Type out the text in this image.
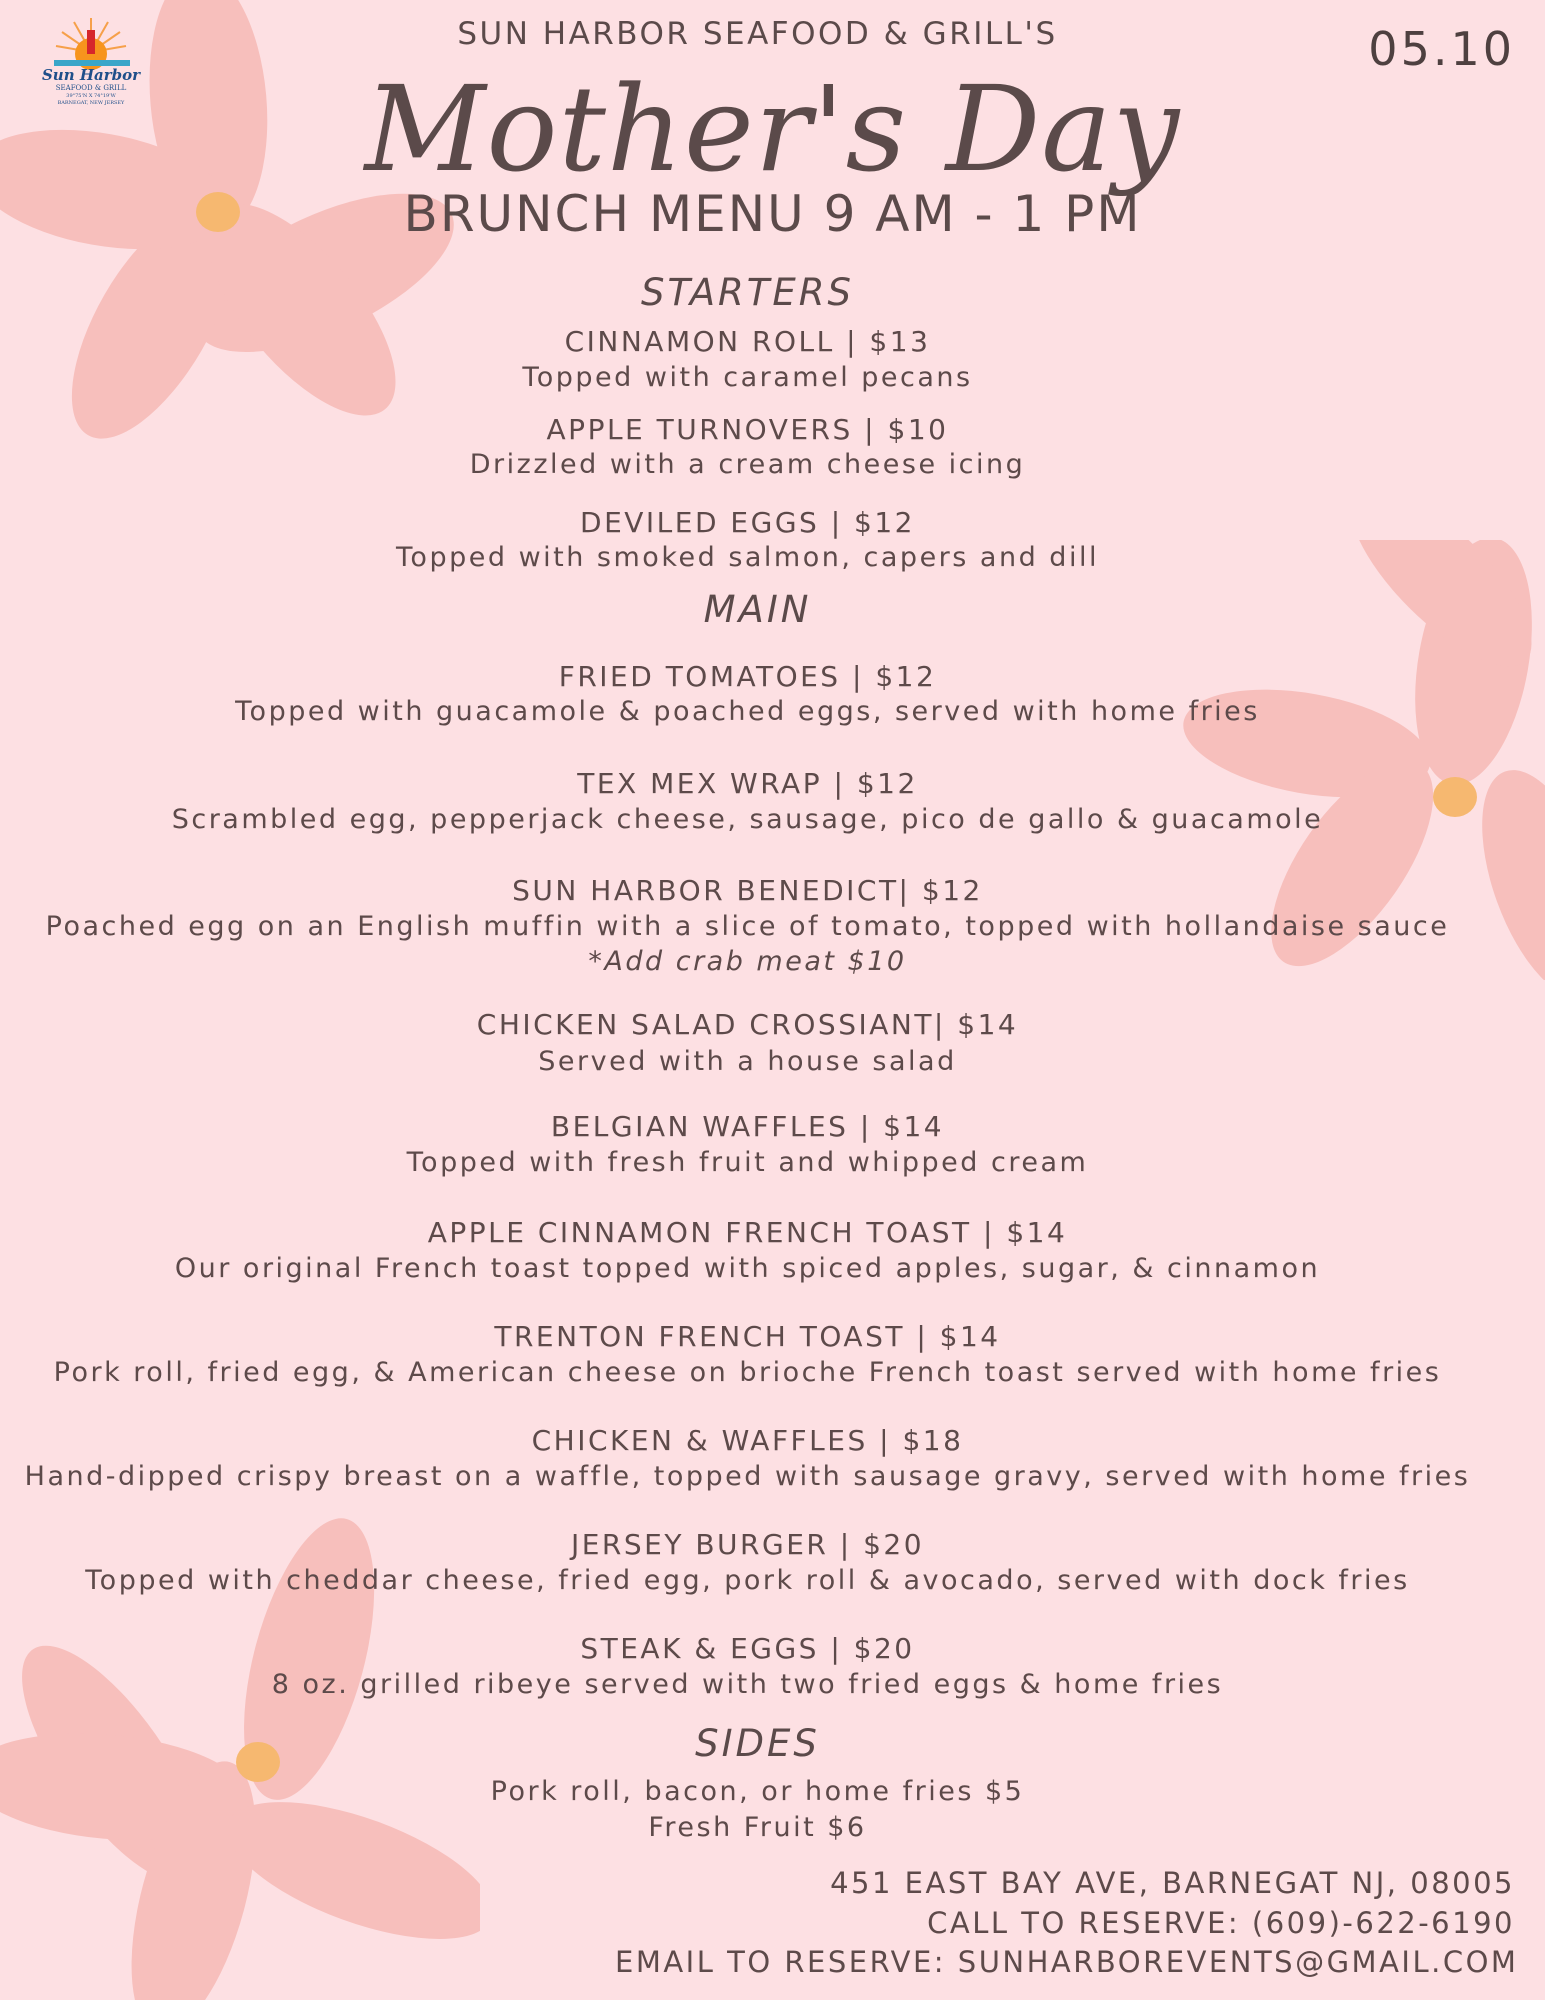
Sun Harbor
SEAFOOD & GRILL
39°75'N X 74°19'W
BARNEGAT, NEW JERSEY
05.10
SUN HARBOR SEAFOOD & GRILL'S
Mother's Day
BRUNCH MENU 9 AM - 1 PM
STARTERS
CINNAMON ROLL | $13
Topped with caramel pecans
APPLE TURNOVERS | $10
Drizzled with a cream cheese icing
DEVILED EGGS | $12
Topped with smoked salmon, capers and dill
MAIN
FRIED TOMATOES | $12
Topped with guacamole & poached eggs, served with home fries
TEX MEX WRAP | $12
Scrambled egg, pepperjack cheese, sausage, pico de gallo & guacamole
SUN HARBOR BENEDICT| $12
Poached egg on an English muffin with a slice of tomato, topped with hollandaise sauce
*Add crab meat $10
CHICKEN SALAD CROSSIANT| $14
Served with a house salad
BELGIAN WAFFLES | $14
Topped with fresh fruit and whipped cream
APPLE CINNAMON FRENCH TOAST | $14
Our original French toast topped with spiced apples, sugar, & cinnamon
TRENTON FRENCH TOAST | $14
Pork roll, fried egg, & American cheese on brioche French toast served with home fries
CHICKEN & WAFFLES | $18
Hand-dipped crispy breast on a waffle, topped with sausage gravy, served with home fries
JERSEY BURGER | $20
Topped with cheddar cheese, fried egg, pork roll & avocado, served with dock fries
STEAK & EGGS | $20
8 oz. grilled ribeye served with two fried eggs & home fries
SIDES
Pork roll, bacon, or home fries $5
Fresh Fruit $6
451 EAST BAY AVE, BARNEGAT NJ, 08005
CALL TO RESERVE: (609)-622-6190
EMAIL TO RESERVE: SUNHARBOREVENTS@GMAIL.COM
